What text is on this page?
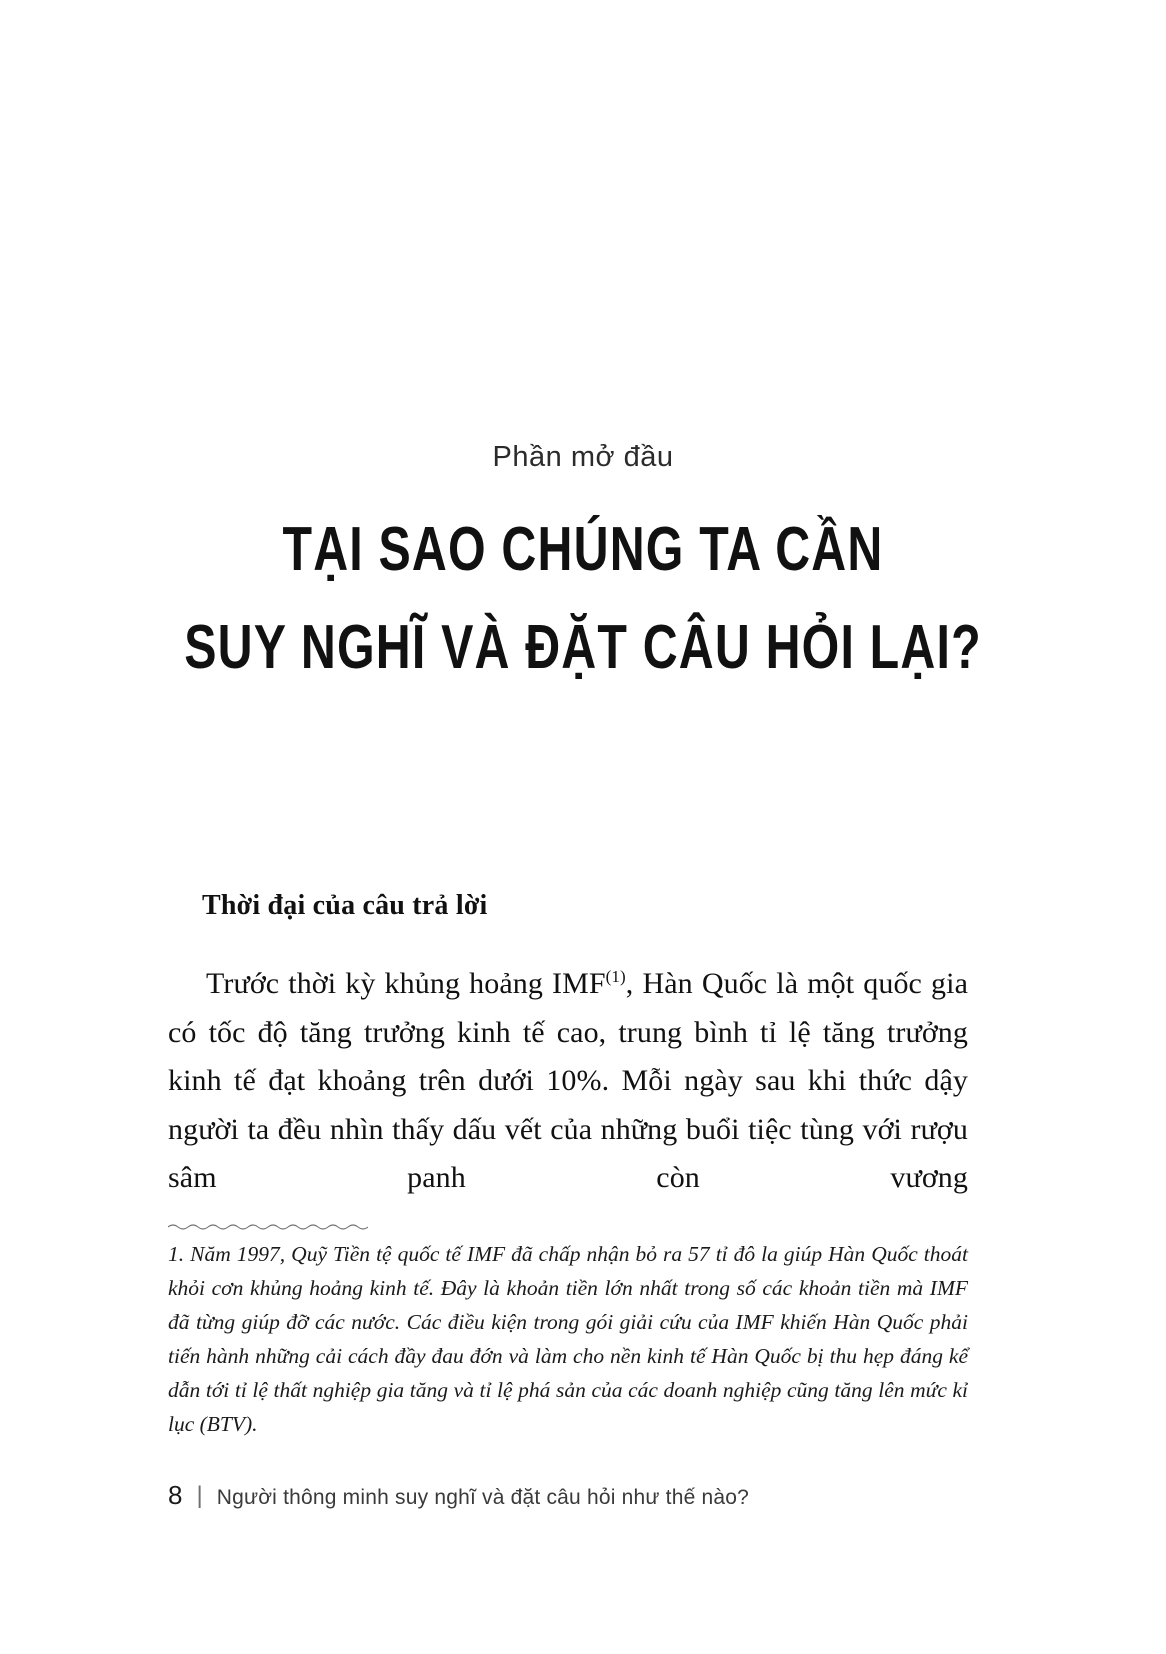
Phần mở đầu
TẠI SAO CHÚNG TA CẦN
SUY NGHĨ VÀ ĐẶT CÂU HỎI LẠI?
Thời đại của câu trả lời

Trước thời kỳ khủng hoảng IMF$^{(1)}$, Hàn Quốc là một quốc gia có tốc độ tăng trưởng kinh tế cao, trung bình tỉ lệ tăng trưởng kinh tế đạt khoảng trên dưới 10%. Mỗi ngày sau khi thức dậy người ta đều nhìn thấy dấu vết của những buổi tiệc tùng với rượu sâm panh còn vương

1. Năm 1997, Quỹ Tiền tệ quốc tế IMF đã chấp nhận bỏ ra 57 tỉ đô la giúp Hàn Quốc thoát khỏi cơn khủng hoảng kinh tế. Đây là khoản tiền lớn nhất trong số các khoản tiền mà IMF đã từng giúp đỡ các nước. Các điều kiện trong gói giải cứu của IMF khiến Hàn Quốc phải tiến hành những cải cách đầy đau đớn và làm cho nền kinh tế Hàn Quốc bị thu hẹp đáng kể dẫn tới tỉ lệ thất nghiệp gia tăng và tỉ lệ phá sản của các doanh nghiệp cũng tăng lên mức kỉ lục (BTV).
8 | Người thông minh suy nghĩ và đặt câu hỏi như thế nào?
